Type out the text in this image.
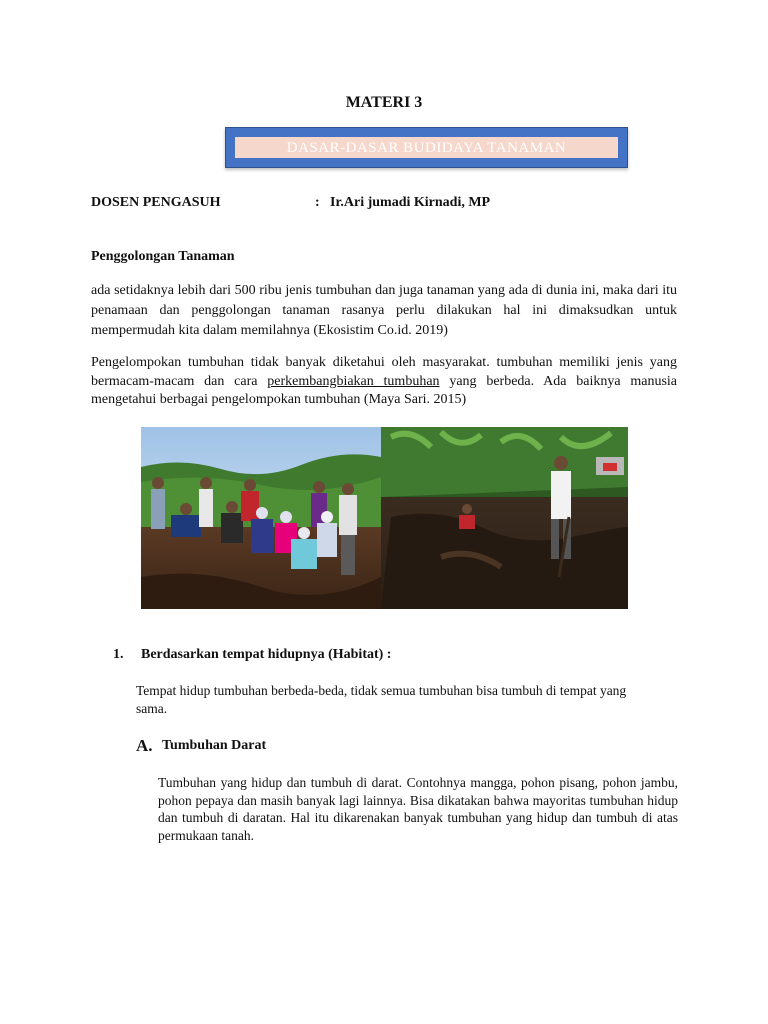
MATERI 3
DASAR-DASAR BUDIDAYA TANAMAN
DOSEN PENGASUH	: Ir.Ari jumadi Kirnadi, MP
Penggolongan Tanaman
ada setidaknya lebih dari 500 ribu jenis tumbuhan dan juga tanaman yang ada di dunia ini, maka dari itu penamaan dan penggolongan tanaman rasanya perlu dilakukan hal ini dimaksudkan untuk mempermudah kita dalam memilahnya (Ekosistim Co.id. 2019)
Pengelompokan tumbuhan tidak banyak diketahui oleh masyarakat. tumbuhan memiliki jenis yang bermacam-macam dan cara perkembangbiakan tumbuhan yang berbeda. Ada baiknya manusia mengetahui berbagai pengelompokan tumbuhan (Maya Sari. 2015)
1. Berdasarkan tempat hidupnya (Habitat) :
Tempat hidup tumbuhan berbeda-beda, tidak semua tumbuhan bisa tumbuh di tempat yang sama.
A. Tumbuhan Darat
Tumbuhan yang hidup dan tumbuh di darat. Contohnya mangga, pohon pisang, pohon jambu, pohon pepaya dan masih banyak lagi lainnya. Bisa dikatakan bahwa mayoritas tumbuhan hidup dan tumbuh di daratan. Hal itu dikarenakan banyak tumbuhan yang hidup dan tumbuh di atas permukaan tanah.
